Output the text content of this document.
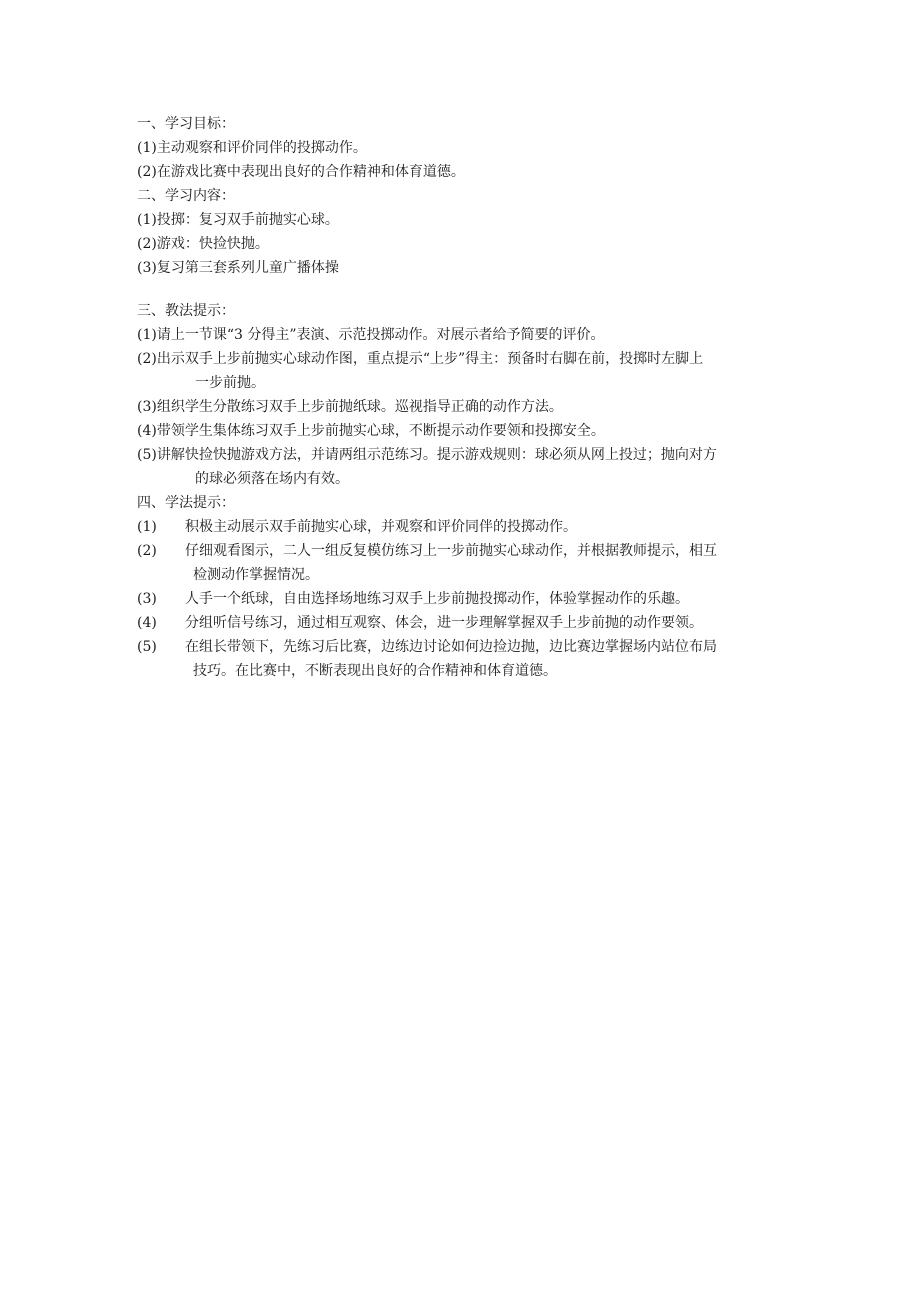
一、学习目标：
(1) 主动观察和评价同伴的投掷动作。
(2) 在游戏比赛中表现出良好的合作精神和体育道德。
二、学习内容：
(1) 投掷：复习双手前抛实心球。
(2) 游戏：快捡快抛。
(3) 复习第三套系列儿童广播体操
三、教法提示：
(1) 请上一节课“3 分得主”表演、示范投掷动作。对展示者给予简要的评价。
(2) 出示双手上步前抛实心球动作图，重点提示“上步”得主：预备时右脚在前，投掷时左脚上
一步前抛。
(3) 组织学生分散练习双手上步前抛纸球。巡视指导正确的动作方法。
(4) 带领学生集体练习双手上步前抛实心球，不断提示动作要领和投掷安全。
(5) 讲解快捡快抛游戏方法，并请两组示范练习。提示游戏规则：球必须从网上投过；抛向对方
的球必须落在场内有效。
四、学法提示：
(1)	积极主动展示双手前抛实心球，并观察和评价同伴的投掷动作。
(2)	仔细观看图示，二人一组反复模仿练习上一步前抛实心球动作，并根据教师提示，相互
检测动作掌握情况。
(3)	人手一个纸球，自由选择场地练习双手上步前抛投掷动作，体验掌握动作的乐趣。
(4)	分组听信号练习，通过相互观察、体会，进一步理解掌握双手上步前抛的动作要领。
(5)	在组长带领下，先练习后比赛，边练边讨论如何边捡边抛，边比赛边掌握场内站位布局
技巧。在比赛中，不断表现出良好的合作精神和体育道德。
